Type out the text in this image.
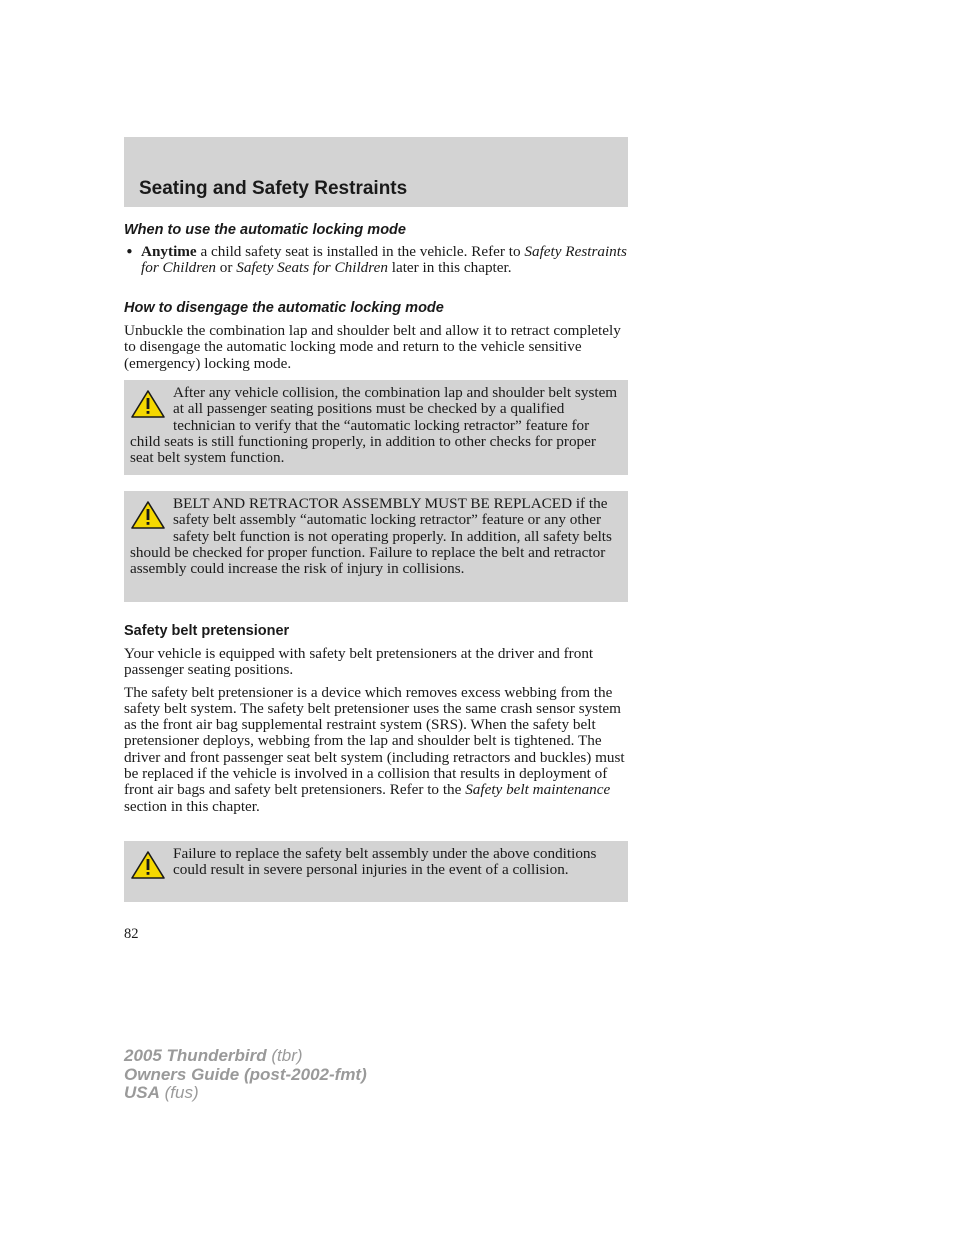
Seating and Safety Restraints
When to use the automatic locking mode
• Anytime a child safety seat is installed in the vehicle. Refer to Safety Restraints for Children or Safety Seats for Children later in this chapter.

How to disengage the automatic locking mode

Unbuckle the combination lap and shoulder belt and allow it to retract completely to disengage the automatic locking mode and return to the vehicle sensitive (emergency) locking mode.

After any vehicle collision, the combination lap and shoulder belt system at all passenger seating positions must be checked by a qualified technician to verify that the “automatic locking retractor” feature for child seats is still functioning properly, in addition to other checks for proper seat belt system function.

BELT AND RETRACTOR ASSEMBLY MUST BE REPLACED if the safety belt assembly “automatic locking retractor” feature or any other safety belt function is not operating properly. In addition, all safety belts should be checked for proper function. Failure to replace the belt and retractor assembly could increase the risk of injury in collisions.

Safety belt pretensioner

Your vehicle is equipped with safety belt pretensioners at the driver and front passenger seating positions.

The safety belt pretensioner is a device which removes excess webbing from the safety belt system. The safety belt pretensioner uses the same crash sensor system as the front air bag supplemental restraint system (SRS). When the safety belt pretensioner deploys, webbing from the lap and shoulder belt is tightened. The driver and front passenger seat belt system (including retractors and buckles) must be replaced if the vehicle is involved in a collision that results in deployment of front air bags and safety belt pretensioners. Refer to the Safety belt maintenance section in this chapter.

Failure to replace the safety belt assembly under the above conditions could result in severe personal injuries in the event of a collision.

82

2005 Thunderbird (tbr)
Owners Guide (post-2002-fmt)
USA (fus)
